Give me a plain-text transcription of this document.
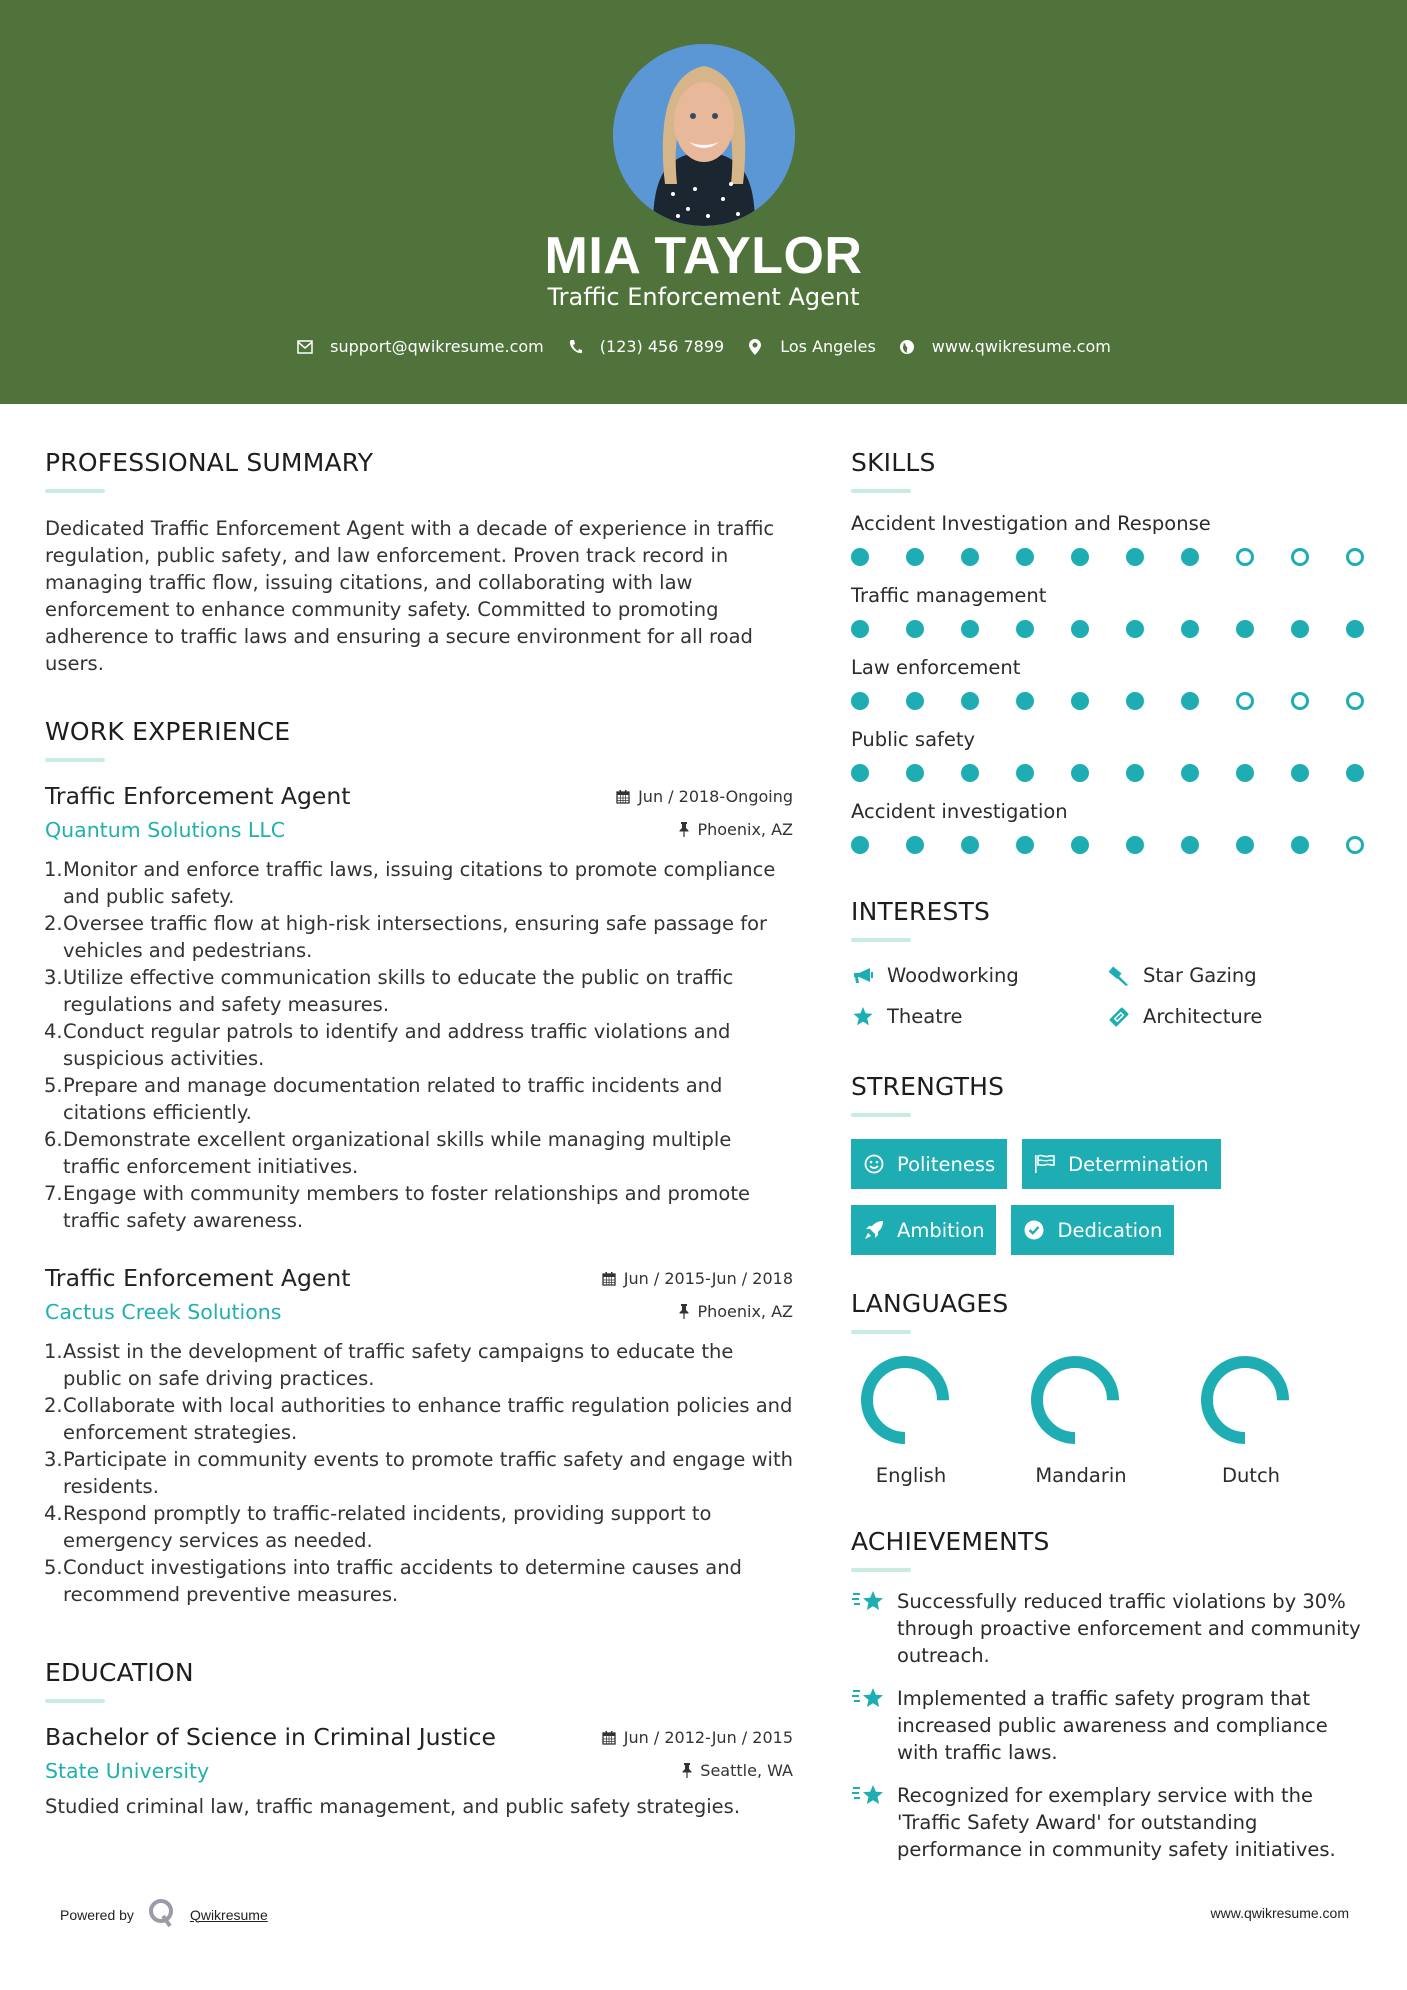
MIA TAYLOR
Traffic Enforcement Agent
support@qwikresume.com	(123) 456 7899	Los Angeles	www.qwikresume.com
PROFESSIONAL SUMMARY

Dedicated Traffic Enforcement Agent with a decade of experience in traffic regulation, public safety, and law enforcement. Proven track record in managing traffic flow, issuing citations, and collaborating with law enforcement to enhance community safety. Committed to promoting adherence to traffic laws and ensuring a secure environment for all road users.

WORK EXPERIENCE
Traffic Enforcement Agent	Jun / 2018-Ongoing
Quantum Solutions LLC	Phoenix, AZ
1. Monitor and enforce traffic laws, issuing citations to promote compliance and public safety.
2. Oversee traffic flow at high-risk intersections, ensuring safe passage for vehicles and pedestrians.
3. Utilize effective communication skills to educate the public on traffic regulations and safety measures.
4. Conduct regular patrols to identify and address traffic violations and suspicious activities.
5. Prepare and manage documentation related to traffic incidents and citations efficiently.
6. Demonstrate excellent organizational skills while managing multiple traffic enforcement initiatives.
7. Engage with community members to foster relationships and promote traffic safety awareness.
Traffic Enforcement Agent	Jun / 2015-Jun / 2018
Cactus Creek Solutions	Phoenix, AZ
1. Assist in the development of traffic safety campaigns to educate the public on safe driving practices.
2. Collaborate with local authorities to enhance traffic regulation policies and enforcement strategies.
3. Participate in community events to promote traffic safety and engage with residents.
4. Respond promptly to traffic-related incidents, providing support to emergency services as needed.
5. Conduct investigations into traffic accidents to determine causes and recommend preventive measures.
EDUCATION
Bachelor of Science in Criminal Justice	Jun / 2012-Jun / 2015
State University	Seattle, WA

Studied criminal law, traffic management, and public safety strategies.

SKILLS
Accident Investigation and Response
Traffic management
Law enforcement
Public safety
Accident investigation
INTERESTS
Woodworking	Star Gazing
Theatre	Architecture
STRENGTHS
Politeness	Determination
Ambition	Dedication
LANGUAGES
English	Mandarin	Dutch
ACHIEVEMENTS
Successfully reduced traffic violations by 30% through proactive enforcement and community outreach.
Implemented a traffic safety program that increased public awareness and compliance with traffic laws.
Recognized for exemplary service with the 'Traffic Safety Award' for outstanding performance in community safety initiatives.
Powered by	Qwikresume	www.qwikresume.com
